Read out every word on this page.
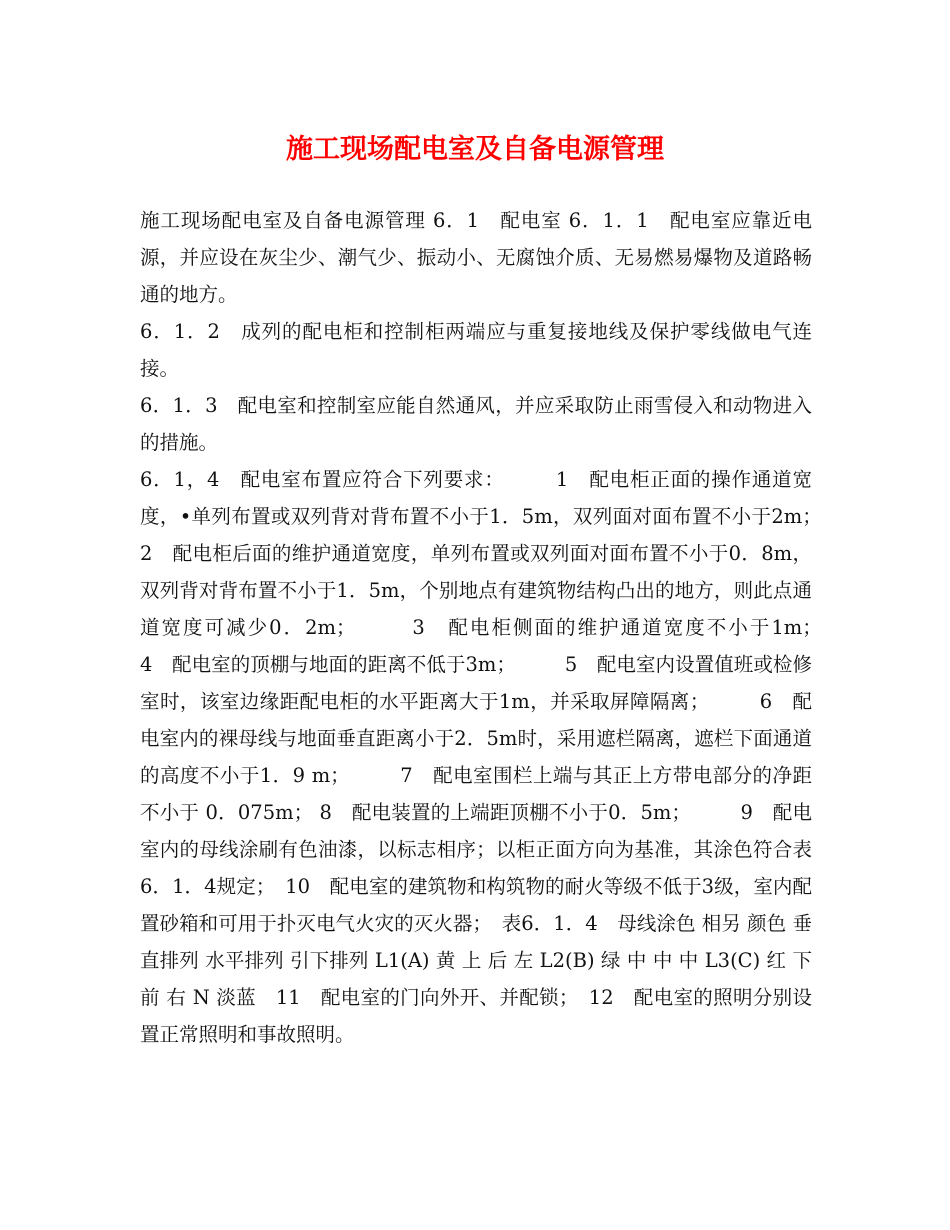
施工现场配电室及自备电源管理

施工现场配电室及自备电源管理 6．1　配电室 6．1．1　配电室应靠近电源，并应设在灰尘少、潮气少、振动小、无腐蚀介质、无易燃易爆物及道路畅通的地方。

6．1．2　成列的配电柜和控制柜两端应与重复接地线及保护零线做电气连接。

6．1．3　配电室和控制室应能自然通风，并应采取防止雨雪侵入和动物进入的措施。

6．1，4　配电室布置应符合下列要求：　　　1　配电柜正面的操作通道宽度，•单列布置或双列背对背布置不小于1．5m，双列面对面布置不小于2m；　　　2　配电柜后面的维护通道宽度，单列布置或双列面对面布置不小于0．8m，双列背对背布置不小于1．5m，个别地点有建筑物结构凸出的地方，则此点通道宽度可减少0．2m；　　　3　配电柜侧面的维护通道宽度不小于1m；　　　4　配电室的顶棚与地面的距离不低于3m；　　　5　配电室内设置值班或检修室时，该室边缘距配电柜的水平距离大于1m，并采取屏障隔离；　　　6　配电室内的裸母线与地面垂直距离小于2．5m时，采用遮栏隔离，遮栏下面通道的高度不小于1．9 m；　　　7　配电室围栏上端与其正上方带电部分的净距不小于 0．075m； 8　配电装置的上端距顶棚不小于0．5m；　　　9　配电室内的母线涂刷有色油漆，以标志相序；以柜正面方向为基准，其涂色符合表6．1．4规定；　10　配电室的建筑物和构筑物的耐火等级不低于3级，室内配置砂箱和可用于扑灭电气火灾的灭火器；　表6．1．4　母线涂色 相另 颜色 垂直排列 水平排列 引下排列 L1(A) 黄 上 后 左 L2(B) 绿 中 中 中 L3(C) 红 下 前 右 N 淡蓝　11　配电室的门向外开、并配锁；　12　配电室的照明分别设置正常照明和事故照明。
